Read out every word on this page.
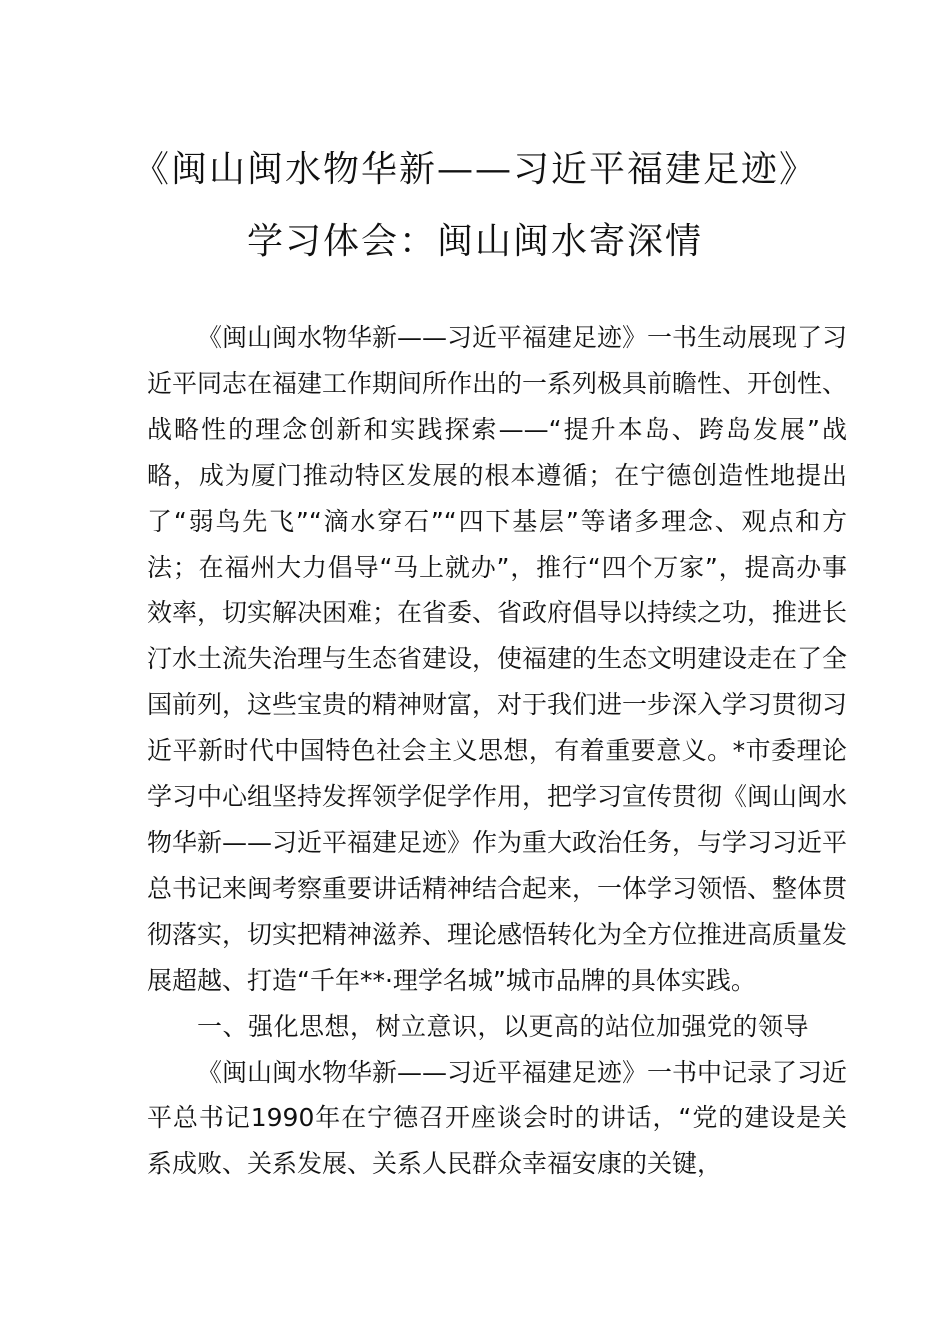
《闽山闽水物华新——习近平福建足迹》
学习体会：闽山闽水寄深情

《闽山闽水物华新——习近平福建足迹》一书生动展现了习近平同志在福建工作期间所作出的一系列极具前瞻性、开创性、战略性的理念创新和实践探索——“提升本岛、跨岛发展”战略，成为厦门推动特区发展的根本遵循；在宁德创造性地提出了“弱鸟先飞”“滴水穿石”“四下基层”等诸多理念、观点和方法；在福州大力倡导“马上就办”，推行“四个万家”，提高办事效率，切实解决困难；在省委、省政府倡导以持续之功，推进长汀水土流失治理与生态省建设，使福建的生态文明建设走在了全国前列，这些宝贵的精神财富，对于我们进一步深入学习贯彻习近平新时代中国特色社会主义思想，有着重要意义。*市委理论学习中心组坚持发挥领学促学作用，把学习宣传贯彻《闽山闽水物华新——习近平福建足迹》作为重大政治任务，与学习习近平总书记来闽考察重要讲话精神结合起来，一体学习领悟、整体贯彻落实，切实把精神滋养、理论感悟转化为全方位推进高质量发展超越、打造“千年**·理学名城”城市品牌的具体实践。

一、强化思想，树立意识，以更高的站位加强党的领导

《闽山闽水物华新——习近平福建足迹》一书中记录了习近平总书记1990年在宁德召开座谈会时的讲话，“党的建设是关系成败、关系发展、关系人民群众幸福安康的关键，
